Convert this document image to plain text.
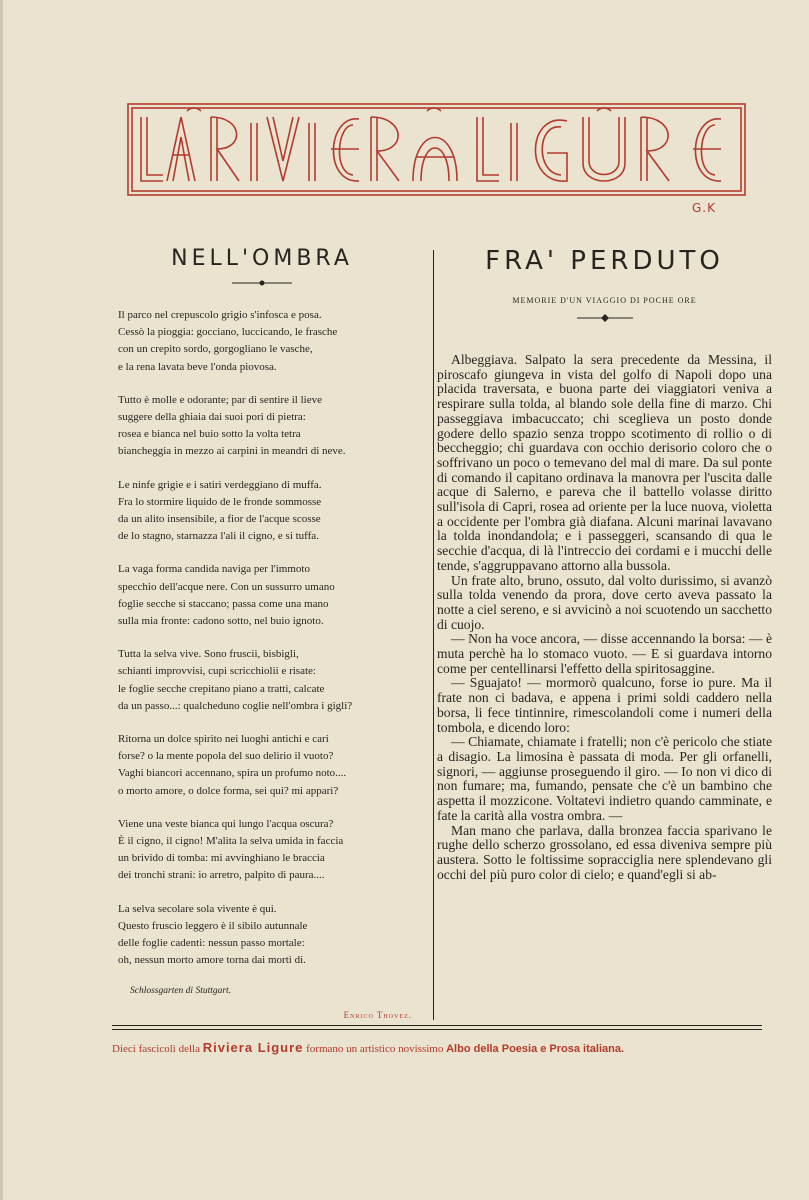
G.K
NELL'OMBRA
Il parco nel crepuscolo grigio s'infosca e posa.
Cessò la pioggia: gocciano, luccicando, le frasche
con un crepito sordo, gorgogliano le vasche,
e la rena lavata beve l'onda piovosa.
Tutto è molle e odorante; par di sentire il lieve
suggere della ghiaia dai suoi pori di pietra:
rosea e bianca nel buio sotto la volta tetra
biancheggia in mezzo ai carpini in meandri di neve.
Le ninfe grigie e i satiri verdeggiano di muffa.
Fra lo stormire liquido de le fronde sommosse
da un alito insensibile, a fior de l'acque scosse
de lo stagno, starnazza l'ali il cigno, e si tuffa.
La vaga forma candida naviga per l'immoto
specchio dell'acque nere. Con un sussurro umano
foglie secche si staccano; passa come una mano
sulla mia fronte: cadono sotto, nel buio ignoto.
Tutta la selva vive. Sono fruscii, bisbigli,
schianti improvvisi, cupi scricchiolii e risate:
le foglie secche crepitano piano a tratti, calcate
da un passo...: qualcheduno coglie nell'ombra i gigli?
Ritorna un dolce spirito nei luoghi antichi e cari
forse? o la mente popola del suo delirio il vuoto?
Vaghi biancori accennano, spira un profumo noto....
o morto amore, o dolce forma, sei qui? mi appari?
Viene una veste bianca qui lungo l'acqua oscura?
È il cigno, il cigno! M'alita la selva umida in faccia
un brivido di tomba: mi avvinghiano le braccia
dei tronchi strani: io arretro, palpito di paura....
La selva secolare sola vivente è qui.
Questo fruscio leggero è il sibilo autunnale
delle foglie cadenti: nessun passo mortale:
oh, nessun morto amore torna dai morti di.
Schlossgarten di Stuttgart.
Enrico Thovez.
FRA' PERDUTO
MEMORIE D'UN VIAGGIO DI POCHE ORE

Albeggiava. Salpato la sera precedente da Messina, il piroscafo giungeva in vista del golfo di Napoli dopo una placida traversata, e buona parte dei viaggiatori veniva a respirare sulla tolda, al blando sole della fine di marzo. Chi passeggiava imbacuccato; chi sceglieva un posto donde godere dello spazio senza troppo scotimento di rollio o di beccheggio; chi guardava con occhio derisorio coloro che o soffrivano un poco o temevano del mal di mare. Da sul ponte di comando il capitano ordinava la manovra per l'uscita dalle acque di Salerno, e pareva che il battello volasse diritto sull'isola di Capri, rosea ad oriente per la luce nuova, violetta a occidente per l'ombra già diafana. Alcuni marinai lavavano la tolda inondandola; e i passeggeri, scansando di qua le secchie d'acqua, di là l'intreccio dei cordami e i mucchi delle tende, s'aggruppavano attorno alla bussola.

Un frate alto, bruno, ossuto, dal volto durissimo, si avanzò sulla tolda venendo da prora, dove certo aveva passato la notte a ciel sereno, e si avvicinò a noi scuotendo un sacchetto di cuojo.

— Non ha voce ancora, — disse accennando la borsa: — è muta perchè ha lo stomaco vuoto. — E si guardava intorno come per centellinarsi l'effetto della spiritosaggine.

— Sguajato! — mormorò qualcuno, forse io pure. Ma il frate non ci badava, e appena i primi soldi caddero nella borsa, li fece tintinnire, rimescolandoli come i numeri della tombola, e dicendo loro:

— Chiamate, chiamate i fratelli; non c'è pericolo che stiate a disagio. La limosina è passata di moda. Per gli orfanelli, signori, — aggiunse proseguendo il giro. — Io non vi dico di non fumare; ma, fumando, pensate che c'è un bambino che aspetta il mozzicone. Voltatevi indietro quando camminate, e fate la carità alla vostra ombra. —

Man mano che parlava, dalla bronzea faccia sparivano le rughe dello scherzo grossolano, ed essa diveniva sempre più austera. Sotto le foltissime sopracciglia nere splendevano gli occhi del più puro color di cielo; e quand'egli si ab-

Dieci fascicoli della Riviera Ligure formano un artistico novissimo Albo della Poesia e Prosa italiana.
